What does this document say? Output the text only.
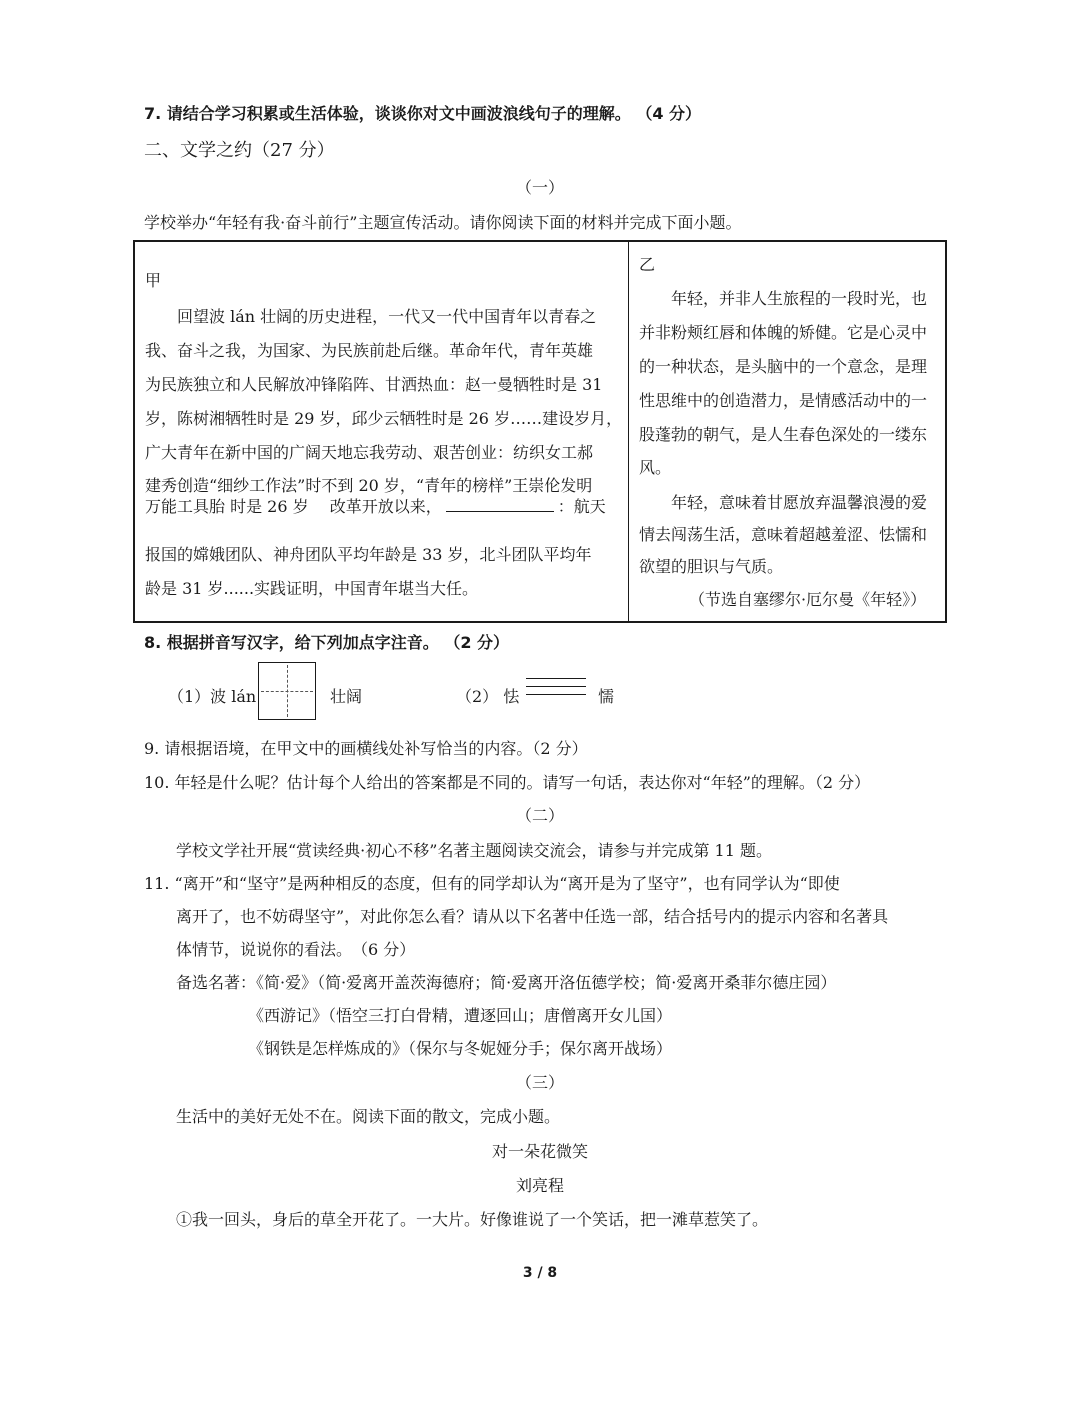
7. 请结合学习积累或生活体验，谈谈你对文中画波浪线句子的理解。 （4 分）
二、文学之约（27 分）
（一）
学校举办“年轻有我·奋斗前行”主题宣传活动。请你阅读下面的材料并完成下面小题。
甲
回望波 lán 壮阔的历史进程，一代又一代中国青年以青春之
我、奋斗之我，为国家、为民族前赴后继。革命年代，青年英雄
为民族独立和人民解放冲锋陷阵、甘洒热血：赵一曼牺牲时是 31
岁，陈树湘牺牲时是 29 岁，邱少云牺牲时是 26 岁……建设岁月，
广大青年在新中国的广阔天地忘我劳动、艰苦创业：纺织女工郝
建秀创造“细纱工作法”时不到 20 岁，“青年的榜样”王崇伦发明
万能工具胎 时是 26 岁　 改革开放以来，	：航天
报国的嫦娥团队、神舟团队平均年龄是 33 岁，北斗团队平均年
龄是 31 岁......实践证明，中国青年堪当大任。
乙
年轻，并非人生旅程的一段时光，也
并非粉颊红唇和体魄的矫健。它是心灵中
的一种状态，是头脑中的一个意念，是理
性思维中的创造潜力，是情感活动中的一
股蓬勃的朝气，是人生春色深处的一缕东
风。
年轻，意味着甘愿放弃温馨浪漫的爱
情去闯荡生活，意味着超越羞涩、怯懦和
欲望的胆识与气质。
（节选自塞缪尔·厄尔曼《年轻》）
8. 根据拼音写汉字，给下列加点字注音。 （2 分）
（1）波 lán	壮阔	（2） 怯	懦
9. 请根据语境，在甲文中的画横线处补写恰当的内容。（2 分）
10. 年轻是什么呢？估计每个人给出的答案都是不同的。请写一句话，表达你对“年轻”的理解。（2 分）
（二）
学校文学社开展“赏读经典·初心不移”名著主题阅读交流会，请参与并完成第 11 题。
11. “离开”和“坚守”是两种相反的态度，但有的同学却认为“离开是为了坚守”，也有同学认为“即使
离开了，也不妨碍坚守”，对此你怎么看？请从以下名著中任选一部，结合括号内的提示内容和名著具
体情节，说说你的看法。　（6 分）
备选名著：《简·爱》（简·爱离开盖茨海德府；简·爱离开洛伍德学校；简·爱离开桑菲尔德庄园）
《西游记》（悟空三打白骨精，遭逐回山；唐僧离开女儿国）
《钢铁是怎样炼成的》（保尔与冬妮娅分手；保尔离开战场）
（三）
生活中的美好无处不在。阅读下面的散文，完成小题。
对一朵花微笑
刘亮程
①我一回头，身后的草全开花了。一大片。好像谁说了一个笑话，把一滩草惹笑了。
3 / 8
